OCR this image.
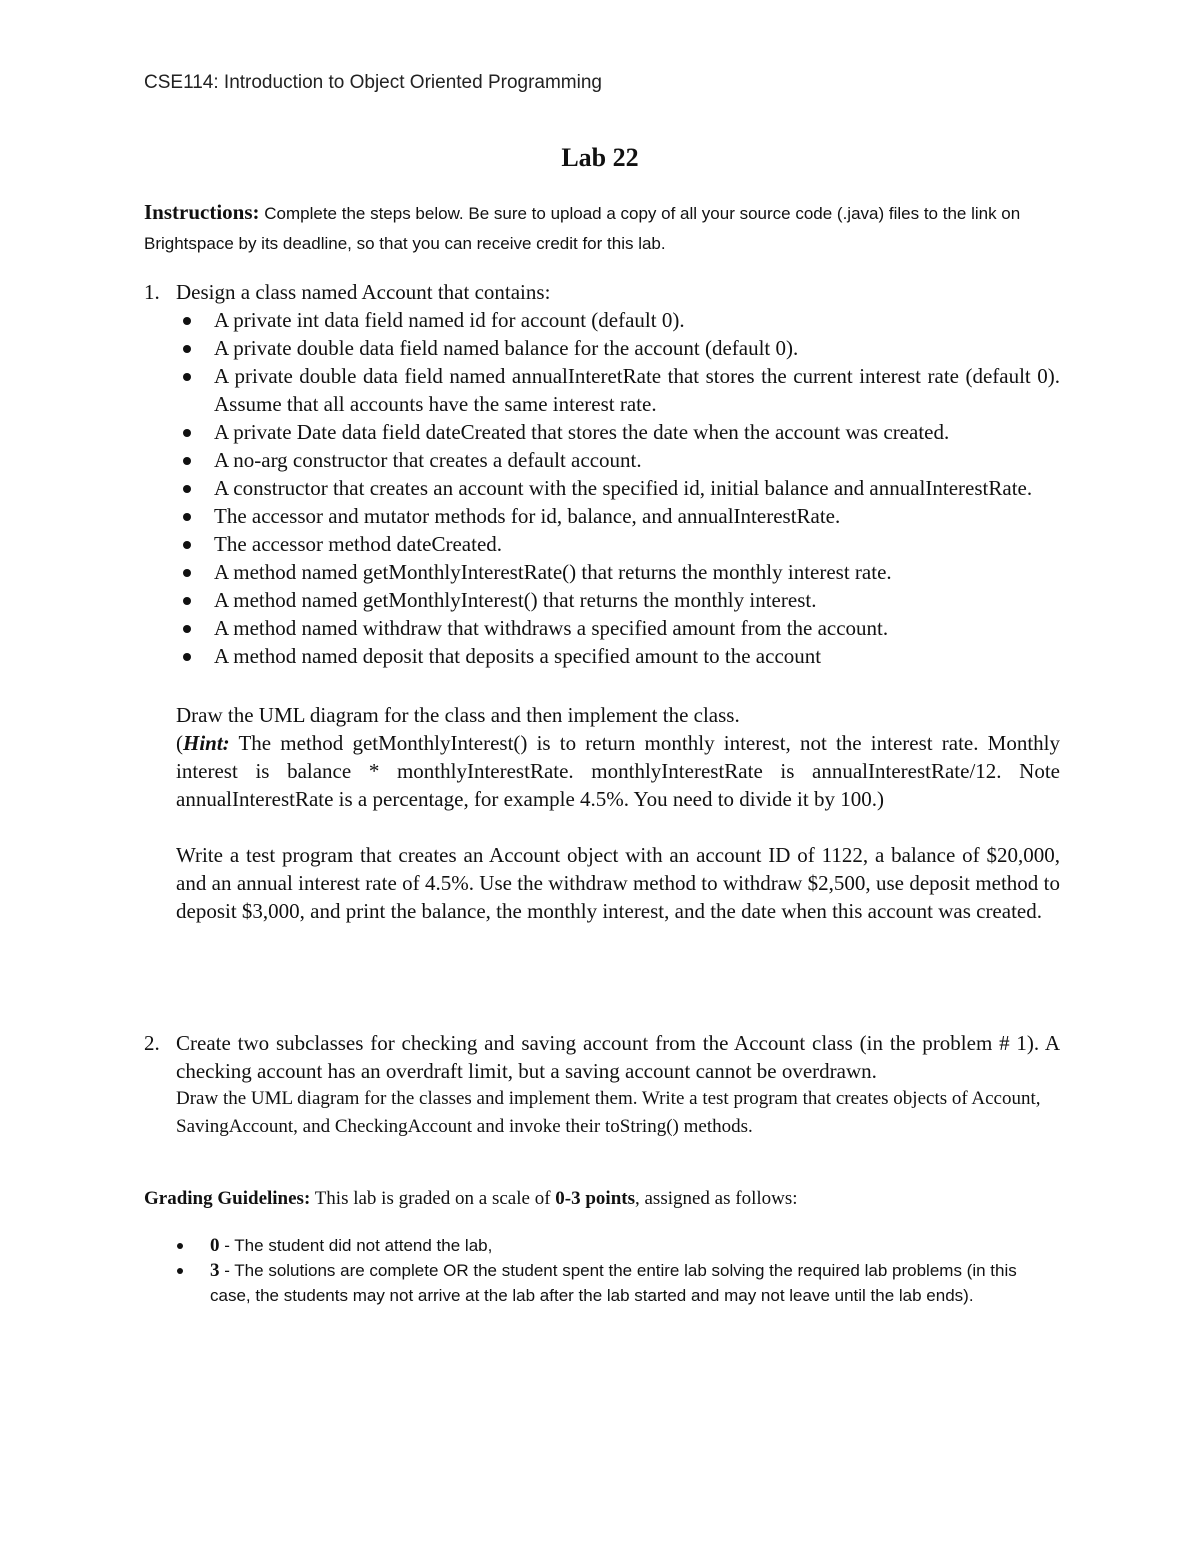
CSE114: Introduction to Object Oriented Programming
Lab 22
Instructions: Complete the steps below. Be sure to upload a copy of all your source code (.java) files to the link on Brightspace by its deadline, so that you can receive credit for this lab.
1. Design a class named Account that contains:
A private int data field named id for account (default 0).
A private double data field named balance for the account (default 0).
A private double data field named annualInteretRate that stores the current interest rate (default 0). Assume that all accounts have the same interest rate.
A private Date data field dateCreated that stores the date when the account was created.
A no-arg constructor that creates a default account.
A constructor that creates an account with the specified id, initial balance and annualInterestRate.
The accessor and mutator methods for id, balance, and annualInterestRate.
The accessor method dateCreated.
A method named getMonthlyInterestRate() that returns the monthly interest rate.
A method named getMonthlyInterest() that returns the monthly interest.
A method named withdraw that withdraws a specified amount from the account.
A method named deposit that deposits a specified amount to the account
Draw the UML diagram for the class and then implement the class.
(Hint: The method getMonthlyInterest() is to return monthly interest, not the interest rate. Monthly interest is balance * monthlyInterestRate. monthlyInterestRate is annualInterestRate/12. Note annualInterestRate is a percentage, for example 4.5%. You need to divide it by 100.)
Write a test program that creates an Account object with an account ID of 1122, a balance of $20,000, and an annual interest rate of 4.5%. Use the withdraw method to withdraw $2,500, use deposit method to deposit $3,000, and print the balance, the monthly interest, and the date when this account was created.
2. Create two subclasses for checking and saving account from the Account class (in the problem # 1). A checking account has an overdraft limit, but a saving account cannot be overdrawn.
Draw the UML diagram for the classes and implement them. Write a test program that creates objects of Account, SavingAccount, and CheckingAccount and invoke their toString() methods.
Grading Guidelines: This lab is graded on a scale of 0-3 points, assigned as follows:
0 - The student did not attend the lab,
3 - The solutions are complete OR the student spent the entire lab solving the required lab problems (in this case, the students may not arrive at the lab after the lab started and may not leave until the lab ends).
